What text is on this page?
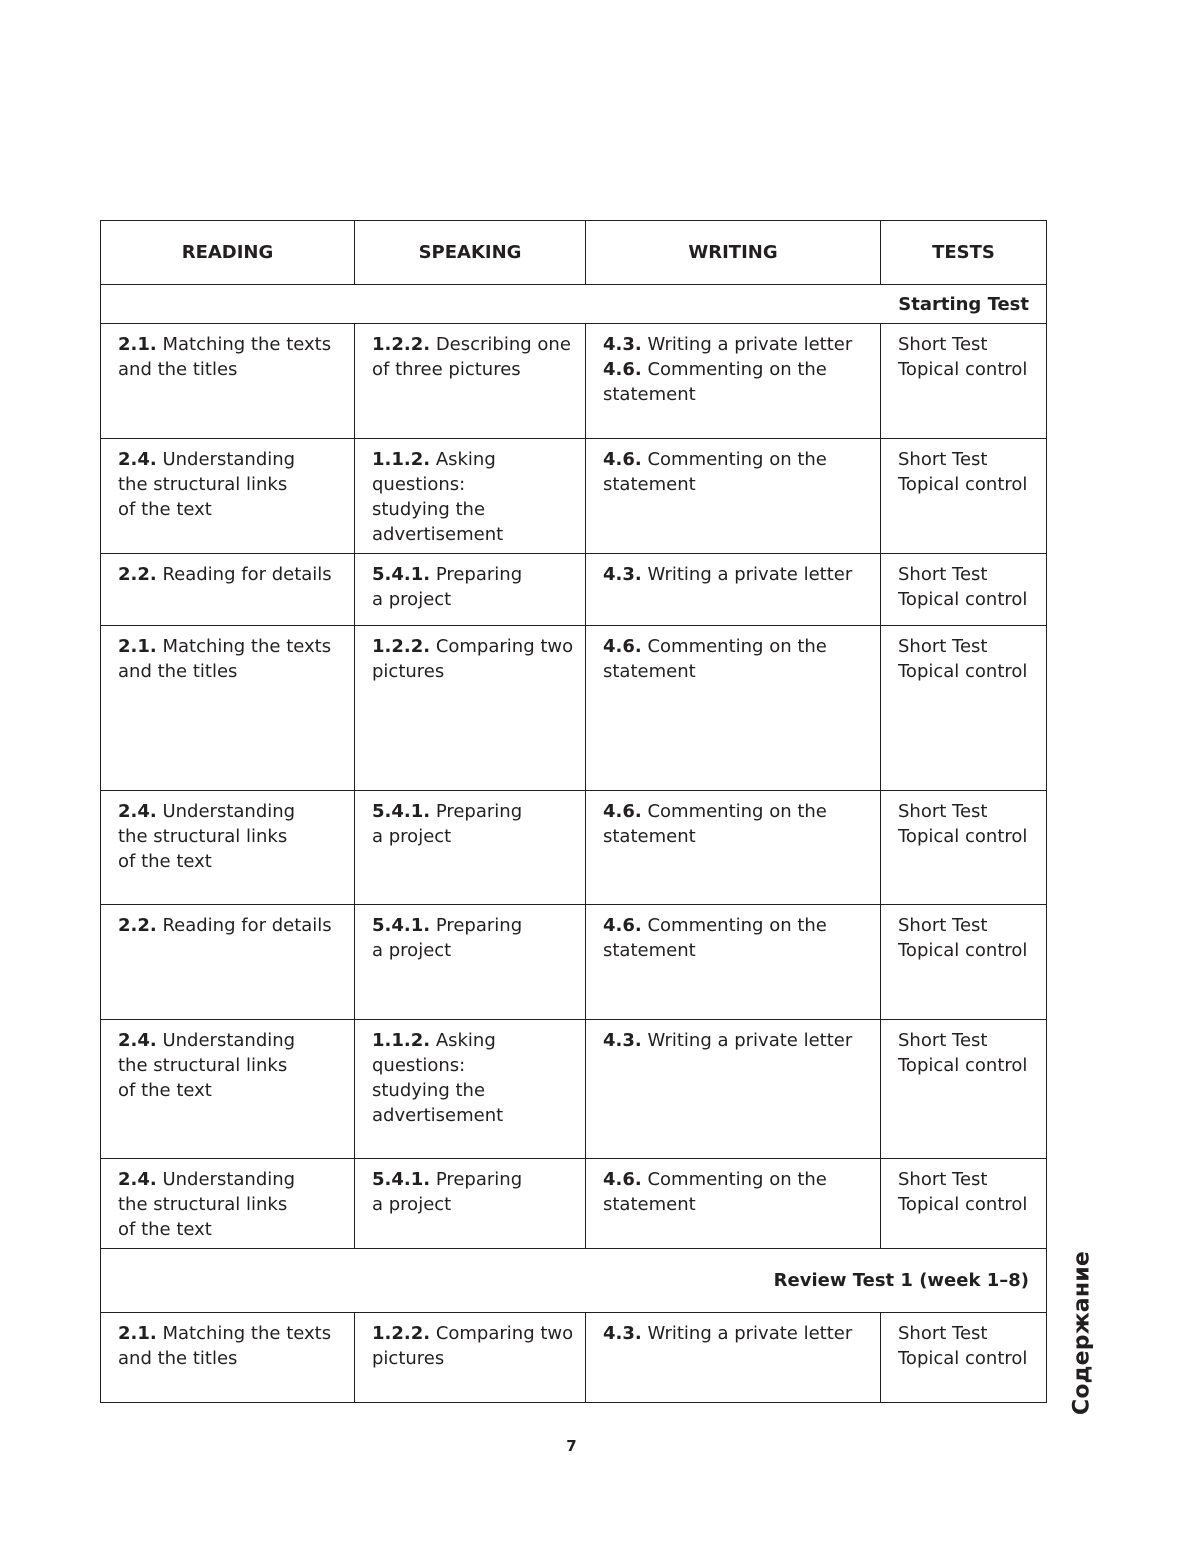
READING	SPEAKING	WRITING	TESTS
Starting Test			

2.1. Matching the texts
and the titles	1.2.2. Describing one
of three pictures	4.3. Writing a private letter
4.6. Commenting on the
statement	Short Test
Topical control

2.4. Understanding
the structural links
of the text	1.1.2. Asking
questions:
studying the
advertisement	4.6. Commenting on the
statement	Short Test
Topical control

2.2. Reading for details	5.4.1. Preparing
a project	4.3. Writing a private letter	Short Test
Topical control

2.1. Matching the texts
and the titles	1.2.2. Comparing two
pictures	4.6. Commenting on the
statement	Short Test
Topical control

2.4. Understanding
the structural links
of the text	5.4.1. Preparing
a project	4.6. Commenting on the
statement	Short Test
Topical control

2.2. Reading for details	5.4.1. Preparing
a project	4.6. Commenting on the
statement	Short Test
Topical control

2.4. Understanding
the structural links
of the text	1.1.2. Asking
questions:
studying the
advertisement	4.3. Writing a private letter	Short Test
Topical control

2.4. Understanding
the structural links
of the text	5.4.1. Preparing
a project	4.6. Commenting on the
statement	Short Test
Topical control

Review Test 1 (week 1–8)			

2.1. Matching the texts
and the titles	1.2.2. Comparing two
pictures	4.3. Writing a private letter	Short Test
Topical control
7
Содержание
